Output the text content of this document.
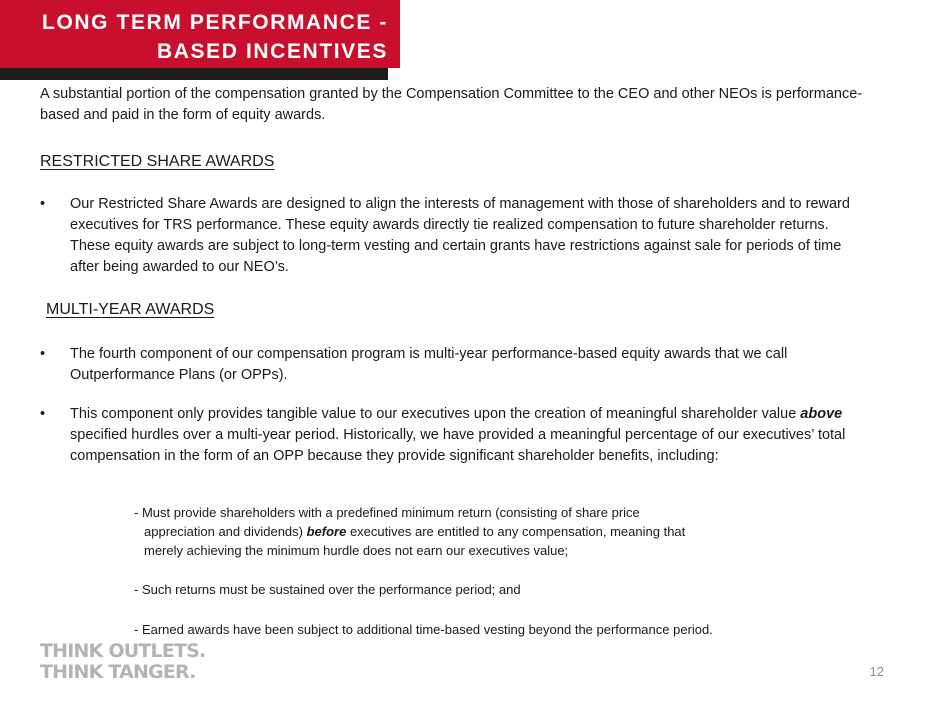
LONG TERM PERFORMANCE -
BASED INCENTIVES
A substantial portion of the compensation granted by the Compensation Committee to the CEO and other NEOs is performance-based and paid in the form of equity awards.
RESTRICTED SHARE AWARDS
•	Our Restricted Share Awards are designed to align the interests of management with those of shareholders and to reward executives for TRS performance. These equity awards directly tie realized compensation to future shareholder returns. These equity awards are subject to long-term vesting and certain grants have restrictions against sale for periods of time after being awarded to our NEO’s.
MULTI-YEAR AWARDS
•	The fourth component of our compensation program is multi-year performance-based equity awards that we call Outperformance Plans (or OPPs).
•	This component only provides tangible value to our executives upon the creation of meaningful shareholder value above specified hurdles over a multi-year period. Historically, we have provided a meaningful percentage of our executives’ total compensation in the form of an OPP because they provide significant shareholder benefits, including:
- Must provide shareholders with a predefined minimum return (consisting of share price
appreciation and dividends) before executives are entitled to any compensation, meaning that
merely achieving the minimum hurdle does not earn our executives value;
- Such returns must be sustained over the performance period; and
- Earned awards have been subject to additional time-based vesting beyond the performance period.
THINK OUTLETS.
THINK TANGER.	12
